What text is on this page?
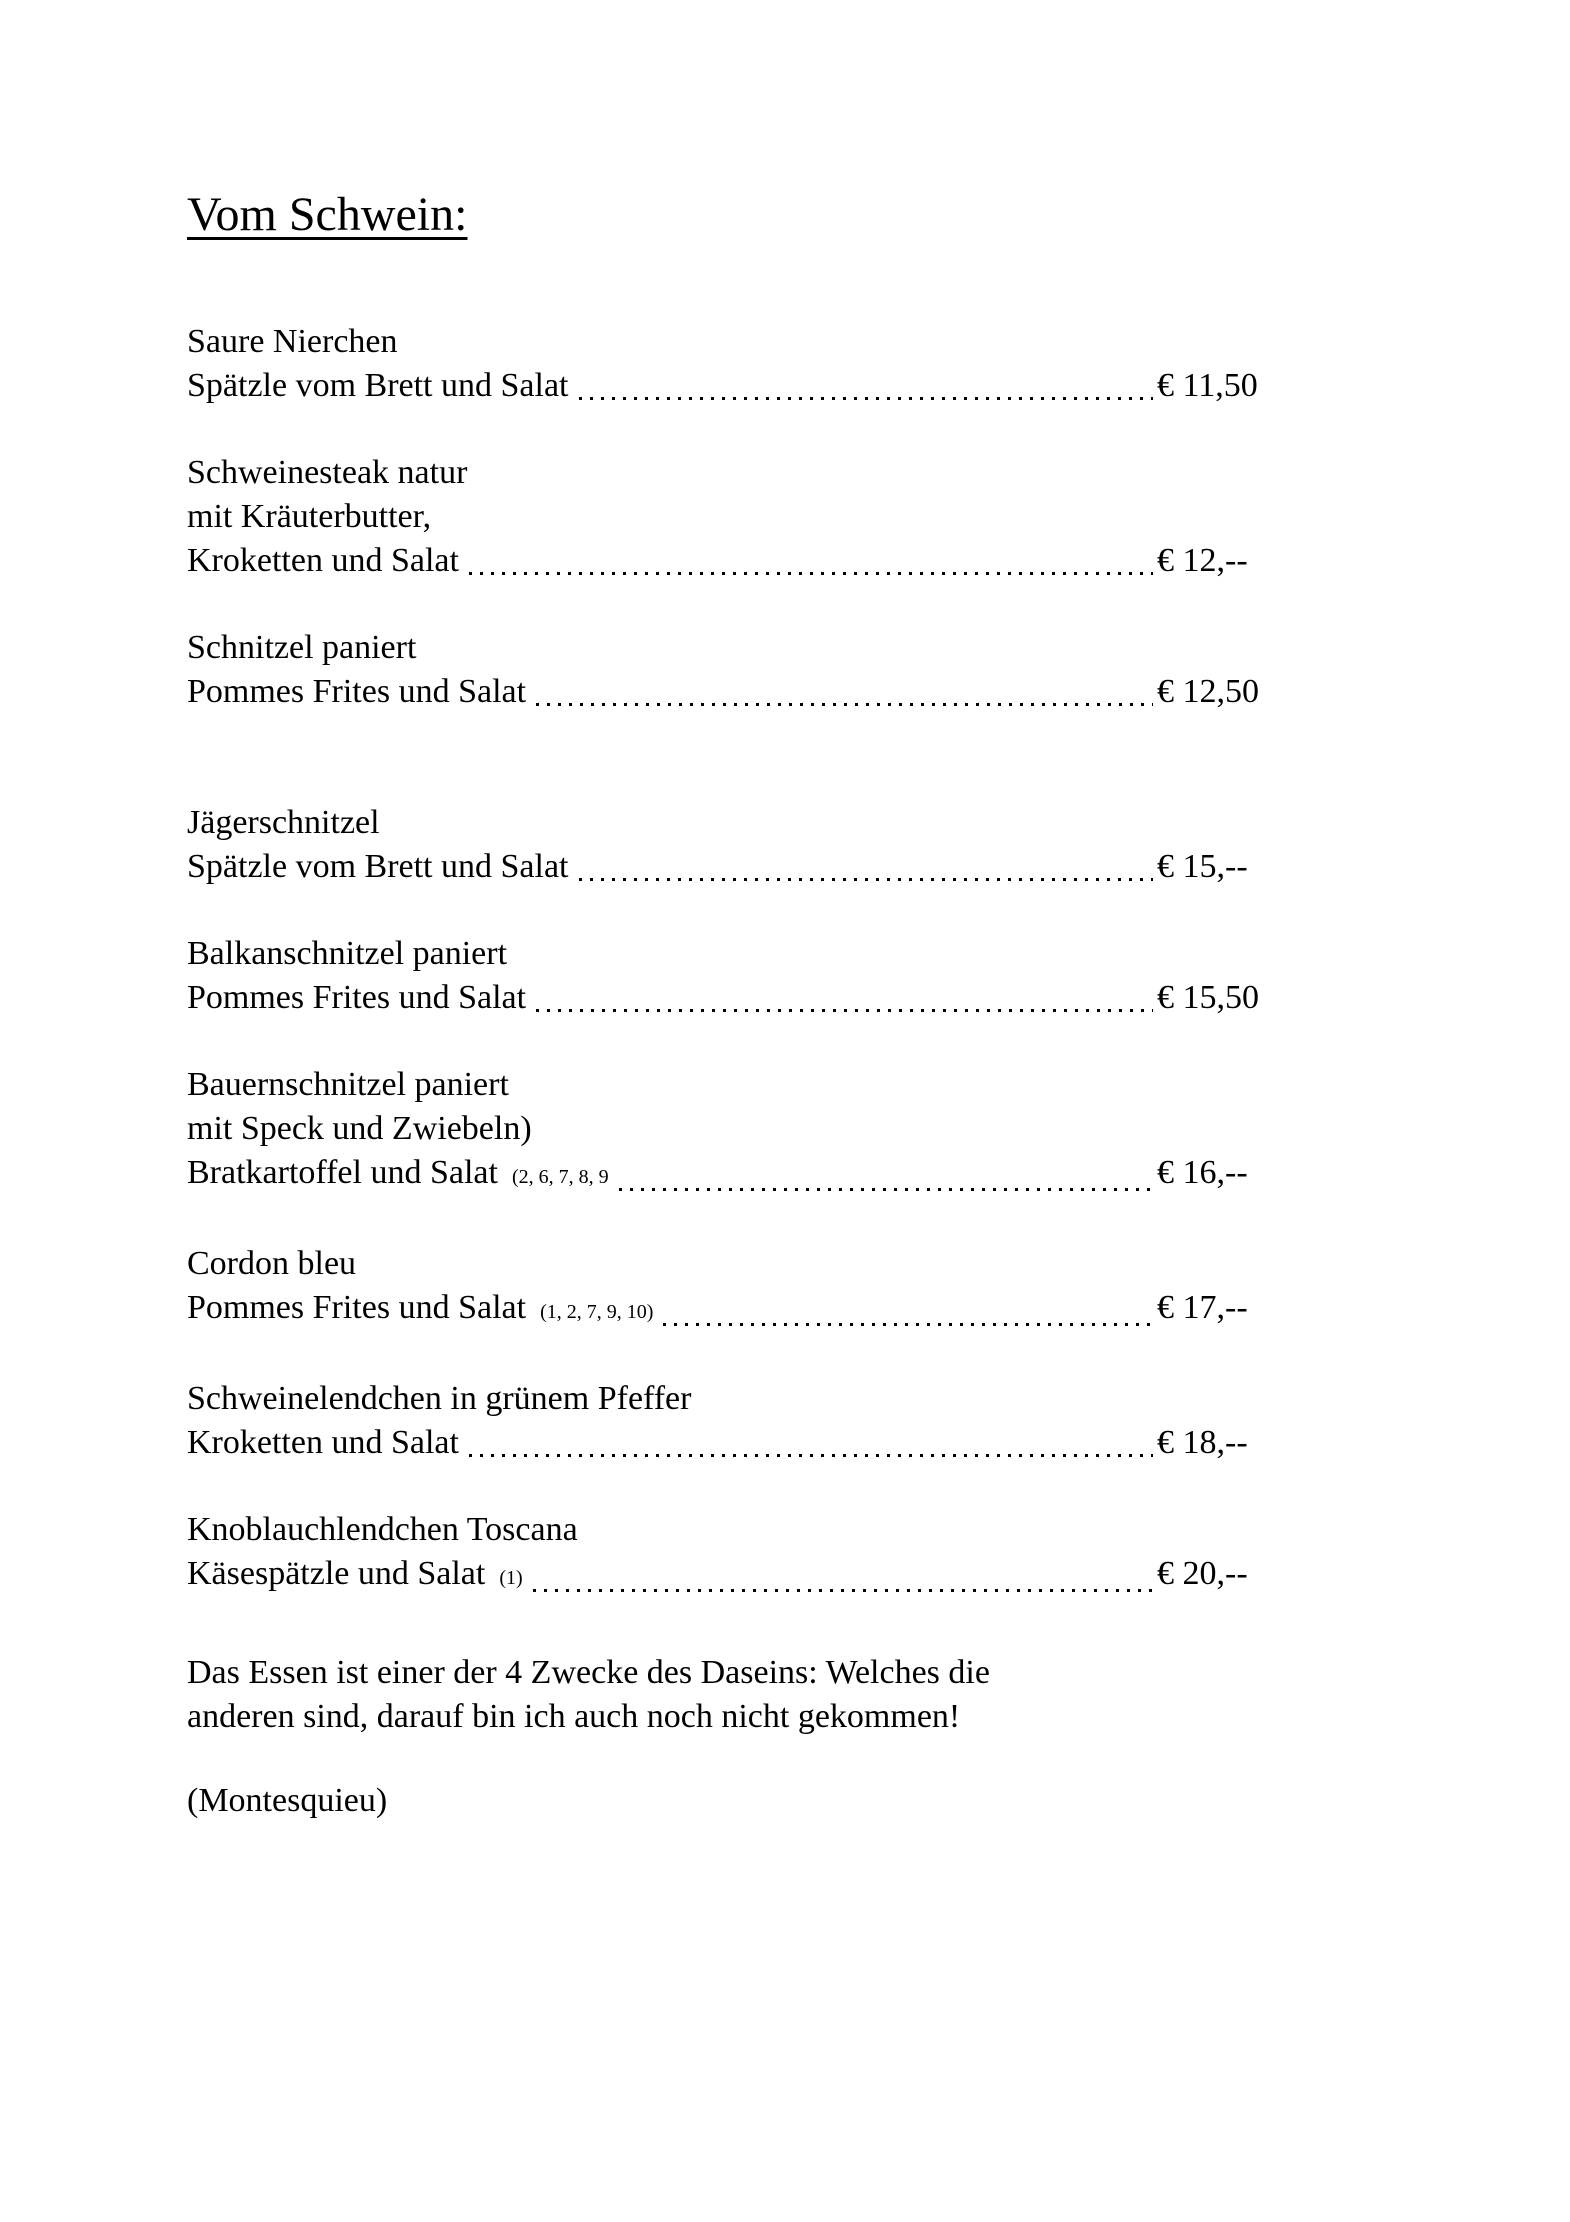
Vom Schwein:

Saure Nierchen

Spätzle vom Brett und Salat	€ 11,50

Schweinesteak natur

mit Kräuterbutter,

Kroketten und Salat	€ 12,--

Schnitzel paniert

Pommes Frites und Salat	€ 12,50

Jägerschnitzel

Spätzle vom Brett und Salat	€ 15,--

Balkanschnitzel paniert

Pommes Frites und Salat	€ 15,50

Bauernschnitzel paniert

mit Speck und Zwiebeln)

Bratkartoffel und Salat (2, 6, 7, 8, 9	€ 16,--

Cordon bleu

Pommes Frites und Salat (1, 2, 7, 9, 10)	€ 17,--

Schweinelendchen in grünem Pfeffer

Kroketten und Salat	€ 18,--

Knoblauchlendchen Toscana

Käsespätzle und Salat (1)	€ 20,--

Das Essen ist einer der 4 Zwecke des Daseins: Welches die

anderen sind, darauf bin ich auch noch nicht gekommen!

(Montesquieu)
